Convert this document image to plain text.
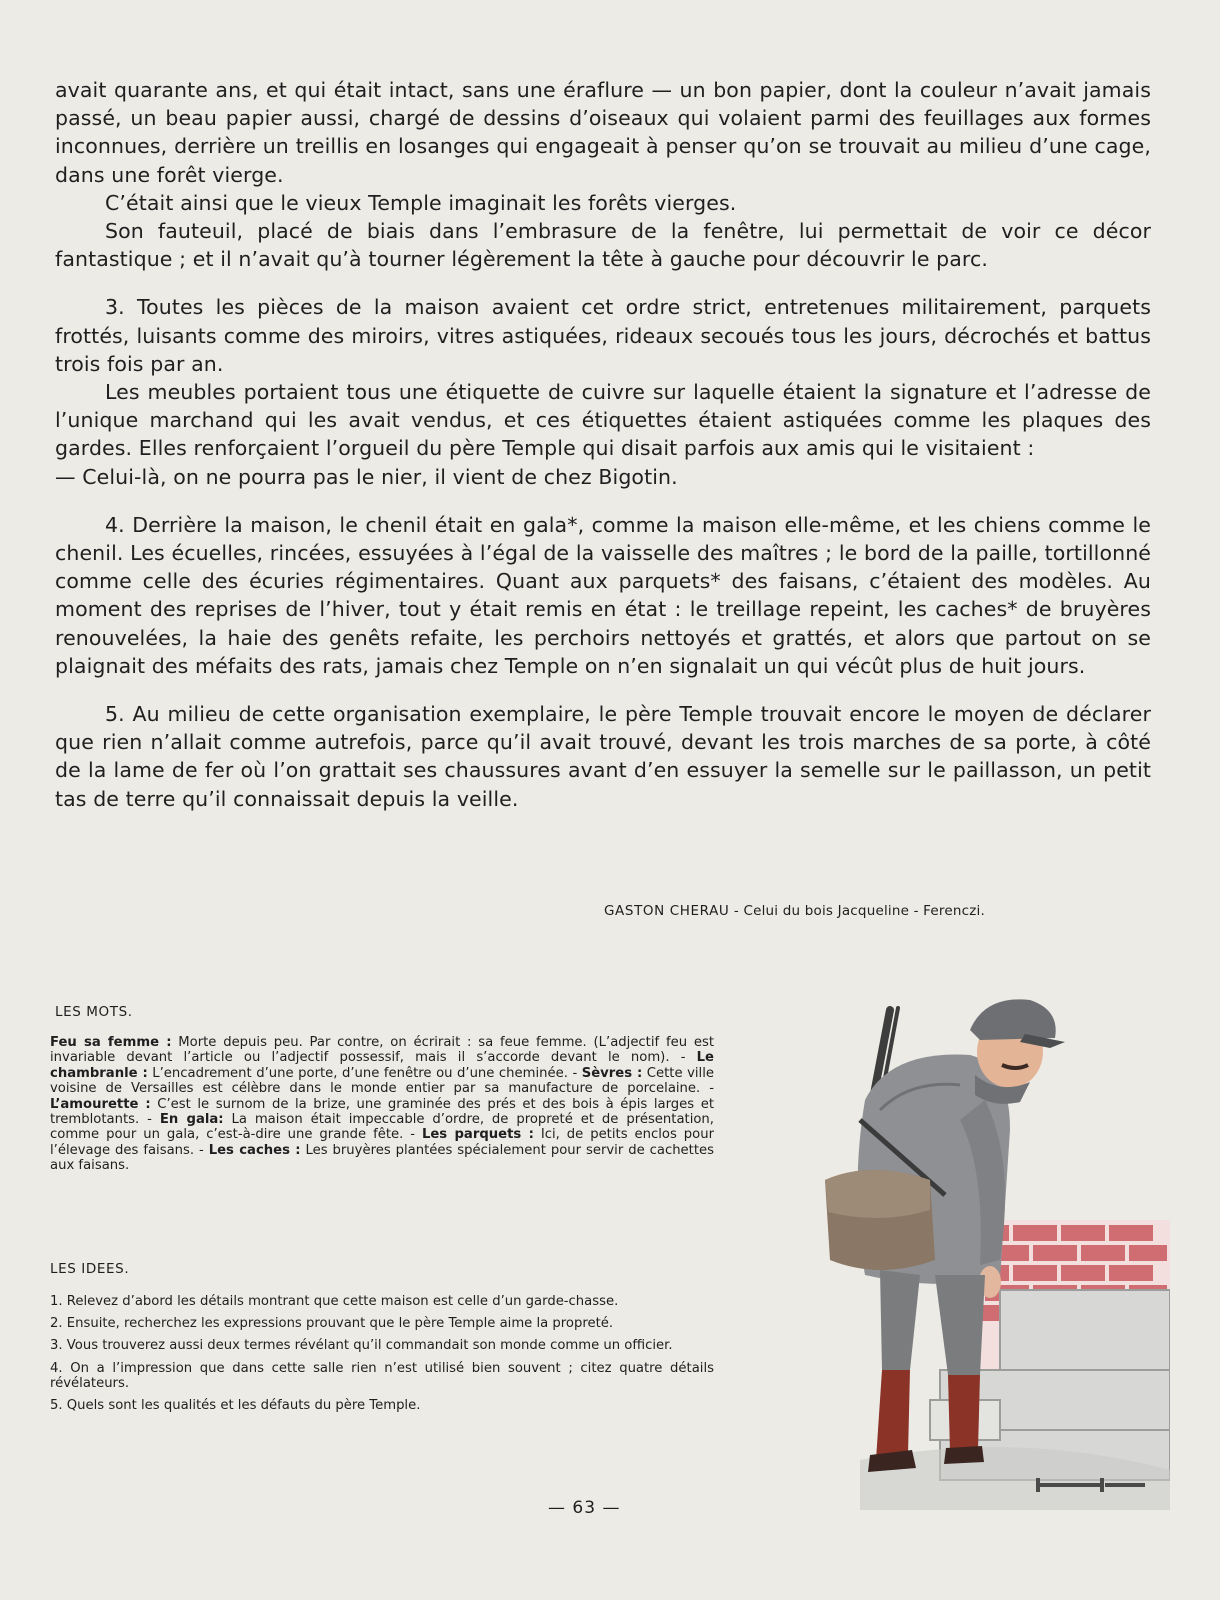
avait quarante ans, et qui était intact, sans une éraflure — un bon papier, dont la couleur n’avait jamais passé, un beau papier aussi, chargé de dessins d’oiseaux qui volaient parmi des feuillages aux formes inconnues, derrière un treillis en losanges qui engageait à penser qu’on se trouvait au milieu d’une cage, dans une forêt vierge.

C’était ainsi que le vieux Temple imaginait les forêts vierges.

Son fauteuil, placé de biais dans l’embrasure de la fenêtre, lui permettait de voir ce décor fantastique ; et il n’avait qu’à tourner légèrement la tête à gauche pour découvrir le parc.

3. Toutes les pièces de la maison avaient cet ordre strict, entretenues militairement, parquets frottés, luisants comme des miroirs, vitres astiquées, rideaux secoués tous les jours, décrochés et battus trois fois par an.

Les meubles portaient tous une étiquette de cuivre sur laquelle étaient la signature et l’adresse de l’unique marchand qui les avait vendus, et ces étiquettes étaient astiquées comme les plaques des gardes. Elles renforçaient l’orgueil du père Temple qui disait parfois aux amis qui le visitaient :

— Celui-là, on ne pourra pas le nier, il vient de chez Bigotin.

4. Derrière la maison, le chenil était en gala*, comme la maison elle-même, et les chiens comme le chenil. Les écuelles, rincées, essuyées à l’égal de la vaisselle des maîtres ; le bord de la paille, tortillonné comme celle des écuries régimentaires. Quant aux parquets* des faisans, c’étaient des modèles. Au moment des reprises de l’hiver, tout y était remis en état : le treillage repeint, les caches* de bruyères renouvelées, la haie des genêts refaite, les perchoirs nettoyés et grattés, et alors que partout on se plaignait des méfaits des rats, jamais chez Temple on n’en signalait un qui vécût plus de huit jours.

5. Au milieu de cette organisation exemplaire, le père Temple trouvait encore le moyen de déclarer que rien n’allait comme autrefois, parce qu’il avait trouvé, devant les trois marches de sa porte, à côté de la lame de fer où l’on grattait ses chaussures avant d’en essuyer la semelle sur le paillasson, un petit tas de terre qu’il connaissait depuis la veille.

GASTON CHERAU - Celui du bois Jacqueline - Ferenczi.
LES MOTS.
Feu sa femme : Morte depuis peu. Par contre, on écrirait : sa feue femme. (L’adjectif feu est invariable devant l’article ou l’adjectif possessif, mais il s’accorde devant le nom). - Le chambranle : L’encadrement d’une porte, d’une fenêtre ou d’une cheminée. - Sèvres : Cette ville voisine de Versailles est célèbre dans le monde entier par sa manufacture de porcelaine. - L’amourette : C’est le surnom de la brize, une graminée des prés et des bois à épis larges et tremblotants. - En gala: La maison était impeccable d’ordre, de propreté et de présentation, comme pour un gala, c’est-à-dire une grande fête. - Les parquets : Ici, de petits enclos pour l’élevage des faisans. - Les caches : Les bruyères plantées spécialement pour servir de cachettes aux faisans.
LES IDEES.
1. Relevez d’abord les détails montrant que cette maison est celle d’un garde-chasse.
2. Ensuite, recherchez les expressions prouvant que le père Temple aime la propreté.
3. Vous trouverez aussi deux termes révélant qu’il commandait son monde comme un officier.
4. On a l’impression que dans cette salle rien n’est utilisé bien souvent ; citez quatre détails révélateurs.
5. Quels sont les qualités et les défauts du père Temple.
— 63 —
